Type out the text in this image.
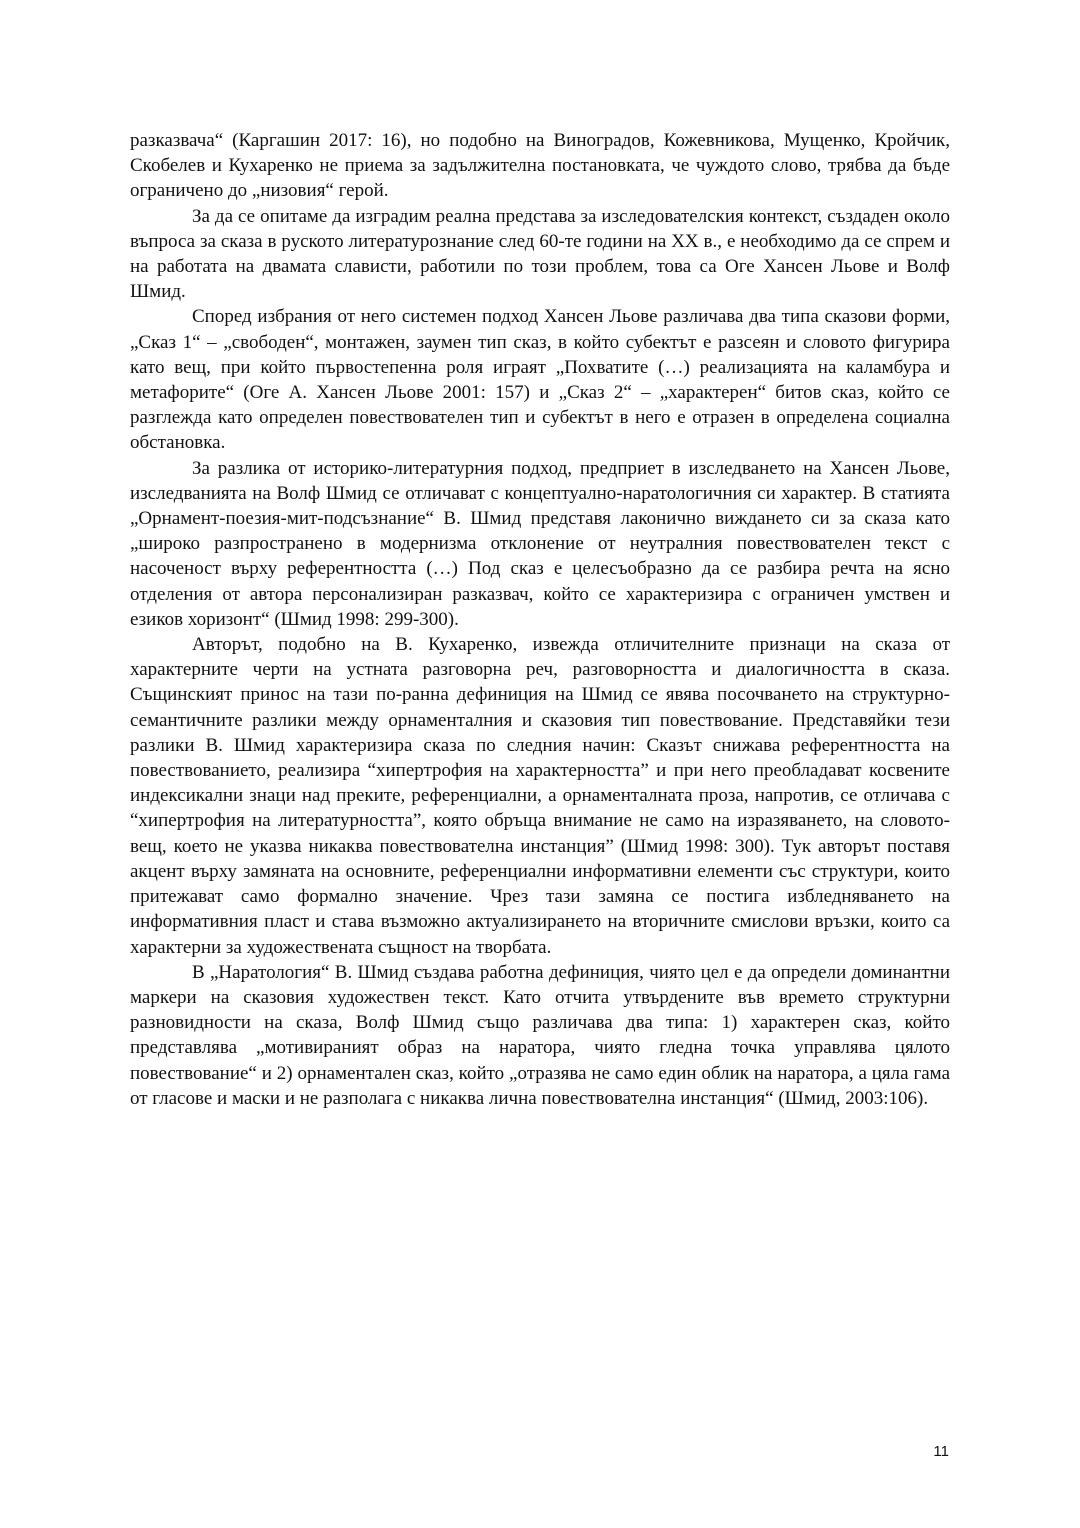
разказвача“ (Каргашин 2017: 16), но подобно на Виноградов, Кожевникова, Мущенко, Кройчик, Скобелев и Кухаренко не приема за задължителна постановката, че чуждото слово, трябва да бъде ограничено до „низовия“ герой.

За да се опитаме да изградим реална представа за изследователския контекст, създаден около въпроса за сказа в руското литературознание след 60-те години на XX в., е необходимо да се спрем и на работата на двамата слависти, работили по този проблем, това са Оге Хансен Льове и Волф Шмид.

Според избрания от него системен подход Хансен Льове различава два типа сказови форми, „Сказ 1“ – „свободен“, монтажен, заумен тип сказ, в който субектът е разсеян и словото фигурира като вещ, при който първостепенна роля играят „Похватите (…) реализацията на каламбура и метафорите“ (Оге А. Хансен Льове 2001: 157) и „Сказ 2“ – „характерен“ битов сказ, който се разглежда като определен повествователен тип и субектът в него е отразен в определена социална обстановка.

За разлика от историко-литературния подход, предприет в изследването на Хансен Льове, изследванията на Волф Шмид се отличават с концептуално-наратологичния си характер. В статията „Орнамент-поезия-мит-подсъзнание“ В. Шмид представя лаконично виждането си за сказа като „широко разпространено в модернизма отклонение от неутралния повествователен текст с насоченост върху референтността (…) Под сказ е целесъобразно да се разбира речта на ясно отделения от автора персонализиран разказвач, който се характеризира с ограничен умствен и езиков хоризонт“ (Шмид 1998: 299-300).

Авторът, подобно на В. Кухаренко, извежда отличителните признаци на сказа от характерните черти на устната разговорна реч, разговорността и диалогичността в сказа. Същинският принос на тази по-ранна дефиниция на Шмид се явява посочването на структурно-семантичните разлики между орнаменталния и сказовия тип повествование. Представяйки тези разлики В. Шмид характеризира сказа по следния начин: Сказът снижава референтността на повествованието, реализира “хипертрофия на характерността” и при него преобладават косвените индексикални знаци над преките, референциални, а орнаменталната проза, напротив, се отличава с “хипертрофия на литературността”, която обръща внимание не само на изразяването, на словото-вещ, което не указва никаква повествователна инстанция” (Шмид 1998: 300). Тук авторът поставя акцент върху замяната на основните, референциални информативни елементи със структури, които притежават само формално значение. Чрез тази замяна се постига избледняването на информативния пласт и става възможно актуализирането на вторичните смислови връзки, които са характерни за художествената същност на творбата.

В „Наратология“ В. Шмид създава работна дефиниция, чиято цел е да определи доминантни маркери на сказовия художествен текст. Като отчита утвърдените във времето структурни разновидности на сказа, Волф Шмид също различава два типа: 1) характерен сказ, който представлява „мотивираният образ на наратора, чиято гледна точка управлява цялото повествование“ и 2) орнаментален сказ, който „отразява не само един облик на наратора, а цяла гама от гласове и маски и не разполага с никаква лична повествователна инстанция“ (Шмид, 2003:106).

11
